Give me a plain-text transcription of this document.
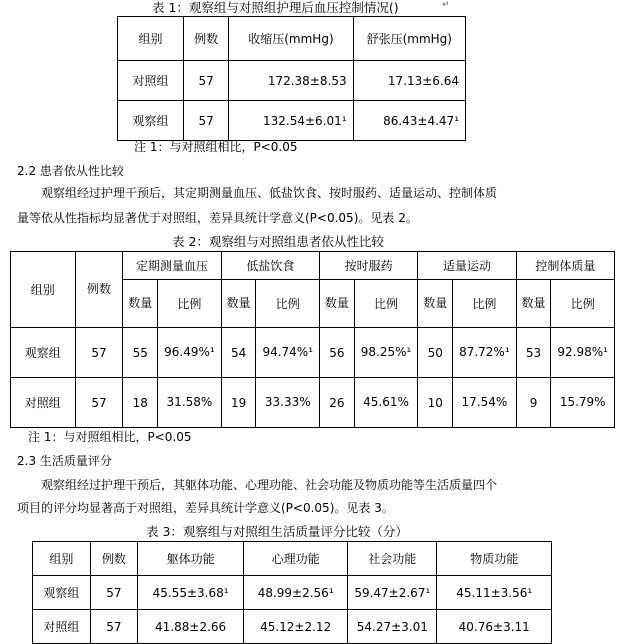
表 1：观察组与对照组护理后血压控制情况()	↵
组别	例数	收缩压(mmHg)	舒张压(mmHg)
对照组	57	172.38±8.53	17.13±6.64
观察组	57	132.54±6.01¹	86.43±4.47¹
注 1：与对照组相比，P<0.05
2.2 患者依从性比较
观察组经过护理干预后，其定期测量血压、低盐饮食、按时服药、适量运动、控制体质
量等依从性指标均显著优于对照组，差异具统计学意义(P<0.05)。见表 2。
表 2：观察组与对照组患者依从性比较
组别	例数	定期测量血压		低盐饮食		按时服药		适量运动		控制体质量	
		数量	比例	数量	比例	数量	比例	数量	比例	数量	比例
观察组	57	55	96.49%¹	54	94.74%¹	56	98.25%¹	50	87.72%¹	53	92.98%¹
对照组	57	18	31.58%	19	33.33%	26	45.61%	10	17.54%	9	15.79%
注 1：与对照组相比，P<0.05
2.3 生活质量评分
观察组经过护理干预后，其躯体功能、心理功能、社会功能及物质功能等生活质量四个
项目的评分均显著高于对照组，差异具统计学意义(P<0.05)。见表 3。
表 3：观察组与对照组生活质量评分比较（分）
组别	例数	躯体功能	心理功能	社会功能	物质功能
观察组	57	45.55±3.68¹	48.99±2.56¹	59.47±2.67¹	45.11±3.56¹
对照组	57	41.88±2.66	45.12±2.12	54.27±3.01	40.76±3.11
